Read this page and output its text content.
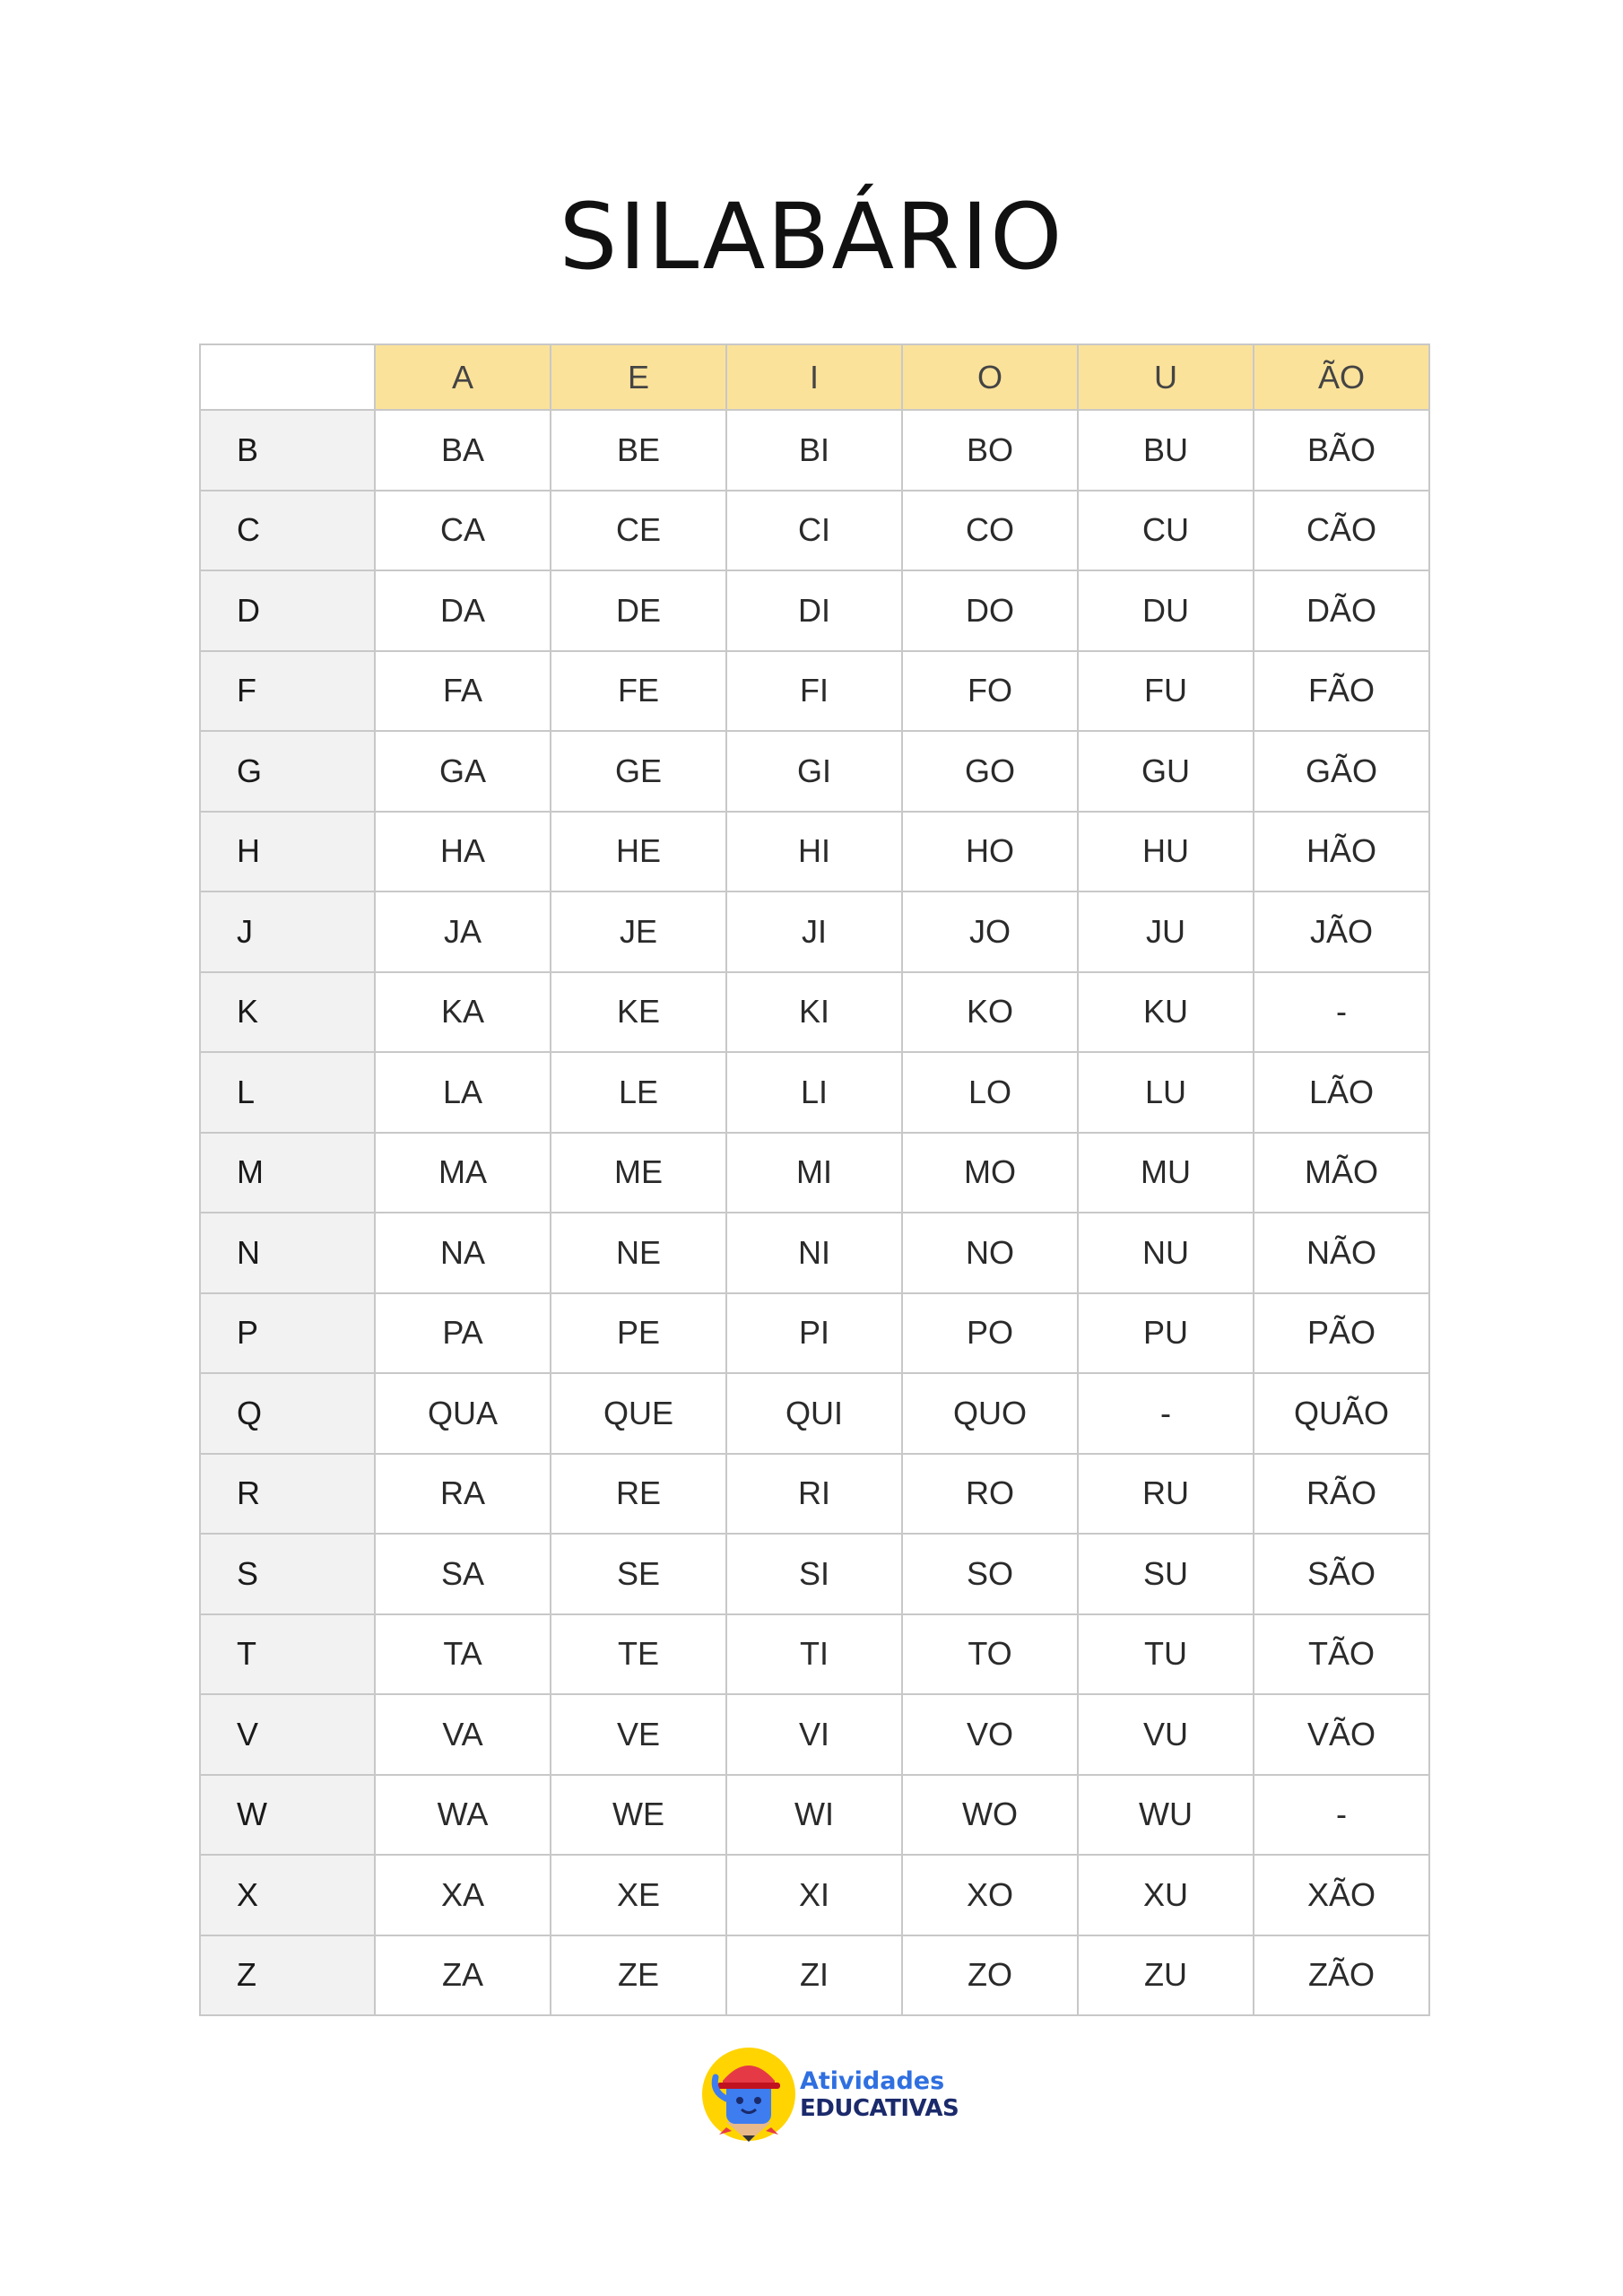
SILABÁRIO
	A	E	I	O	U	ÃO
B	BA	BE	BI	BO	BU	BÃO
C	CA	CE	CI	CO	CU	CÃO
D	DA	DE	DI	DO	DU	DÃO
F	FA	FE	FI	FO	FU	FÃO
G	GA	GE	GI	GO	GU	GÃO
H	HA	HE	HI	HO	HU	HÃO
J	JA	JE	JI	JO	JU	JÃO
K	KA	KE	KI	KO	KU	-
L	LA	LE	LI	LO	LU	LÃO
M	MA	ME	MI	MO	MU	MÃO
N	NA	NE	NI	NO	NU	NÃO
P	PA	PE	PI	PO	PU	PÃO
Q	QUA	QUE	QUI	QUO	-	QUÃO
R	RA	RE	RI	RO	RU	RÃO
S	SA	SE	SI	SO	SU	SÃO
T	TA	TE	TI	TO	TU	TÃO
V	VA	VE	VI	VO	VU	VÃO
W	WA	WE	WI	WO	WU	-
X	XA	XE	XI	XO	XU	XÃO
Z	ZA	ZE	ZI	ZO	ZU	ZÃO
Atividades
EDUCATIVAS
